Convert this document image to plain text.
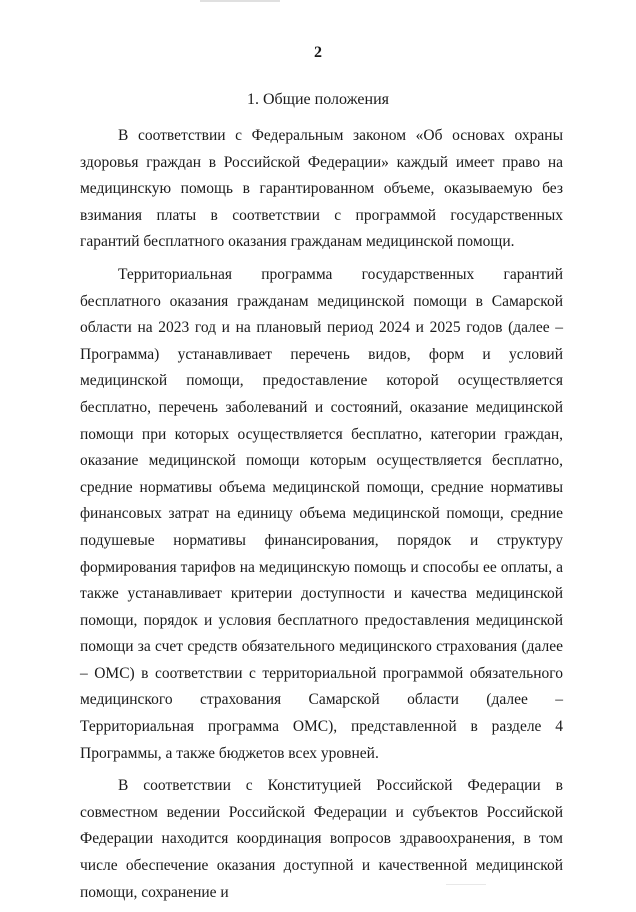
2

1. Общие положения

В соответствии с Федеральным законом «Об основах охраны здоровья граждан в Российской Федерации» каждый имеет право на медицинскую помощь в гарантированном объеме, оказываемую без взимания платы в соответствии с программой государственных гарантий бесплатного оказания гражданам медицинской помощи.

Территориальная программа государственных гарантий бесплатного оказания гражданам медицинской помощи в Самарской области на 2023 год и на плановый период 2024 и 2025 годов (далее – Программа) устанавливает перечень видов, форм и условий медицинской помощи, предоставление которой осуществляется бесплатно, перечень заболеваний и состояний, оказание медицинской помощи при которых осуществляется бесплатно, категории граждан, оказание медицинской помощи которым осуществляется бесплатно, средние нормативы объема медицинской помощи, средние нормативы финансовых затрат на единицу объема медицинской помощи, средние подушевые нормативы финансирования, порядок и структуру формирования тарифов на медицинскую помощь и способы ее оплаты, а также устанавливает критерии доступности и качества медицинской помощи, порядок и условия бесплатного предоставления медицинской помощи за счет средств обязательного медицинского страхования (далее – ОМС) в соответствии с территориальной программой обязательного медицинского страхования Самарской области (далее – Территориальная программа ОМС), представленной в разделе 4 Программы, а также бюджетов всех уровней.

В соответствии с Конституцией Российской Федерации в совместном ведении Российской Федерации и субъектов Российской Федерации находится координация вопросов здравоохранения, в том числе обеспечение оказания доступной и качественной медицинской помощи, сохранение и
